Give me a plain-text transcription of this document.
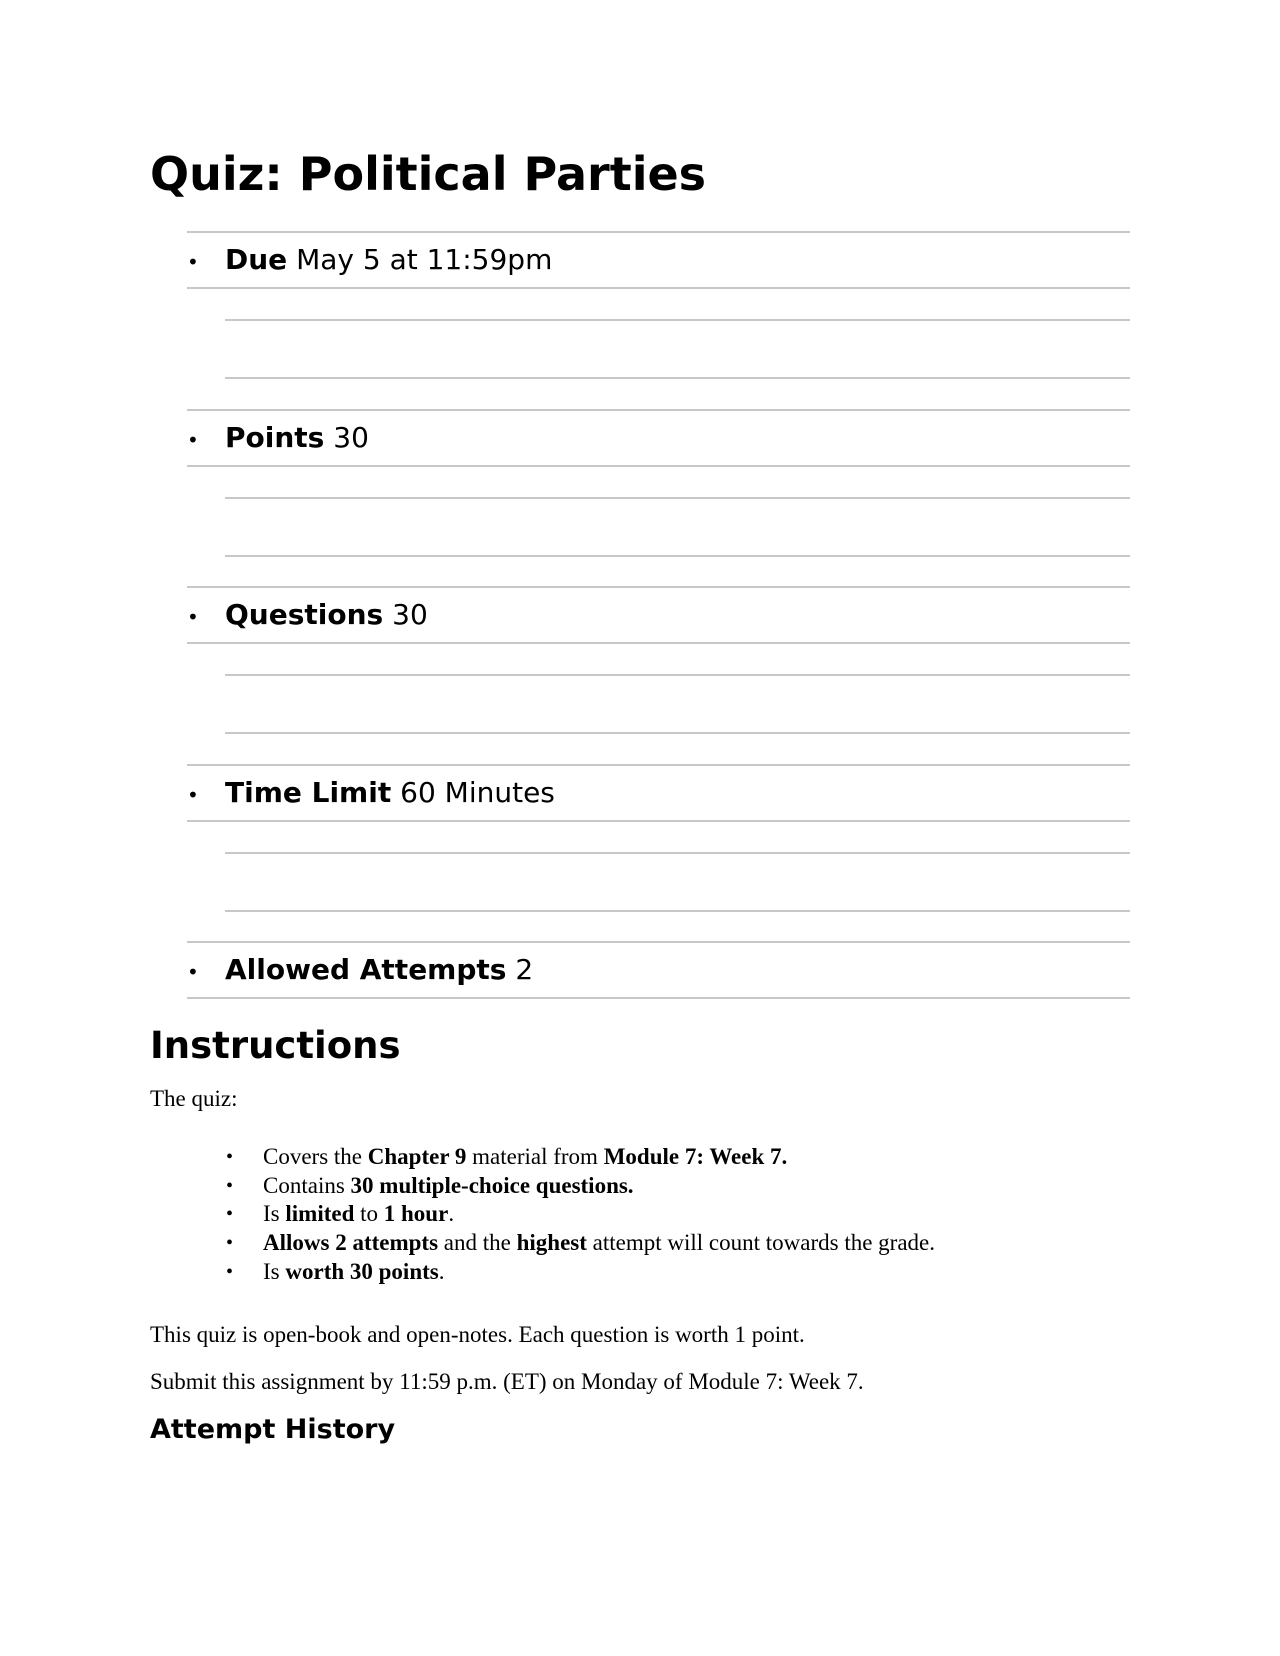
Quiz: Political Parties
• Due May 5 at 11:59pm
• Points 30
• Questions 30
• Time Limit 60 Minutes
• Allowed Attempts 2
Instructions

The quiz:

• Covers the Chapter 9 material from Module 7: Week 7.
• Contains 30 multiple-choice questions.
• Is limited to 1 hour.
• Allows 2 attempts and the highest attempt will count towards the grade.
• Is worth 30 points.

This quiz is open-book and open-notes. Each question is worth 1 point.

Submit this assignment by 11:59 p.m. (ET) on Monday of Module 7: Week 7.

Attempt History
